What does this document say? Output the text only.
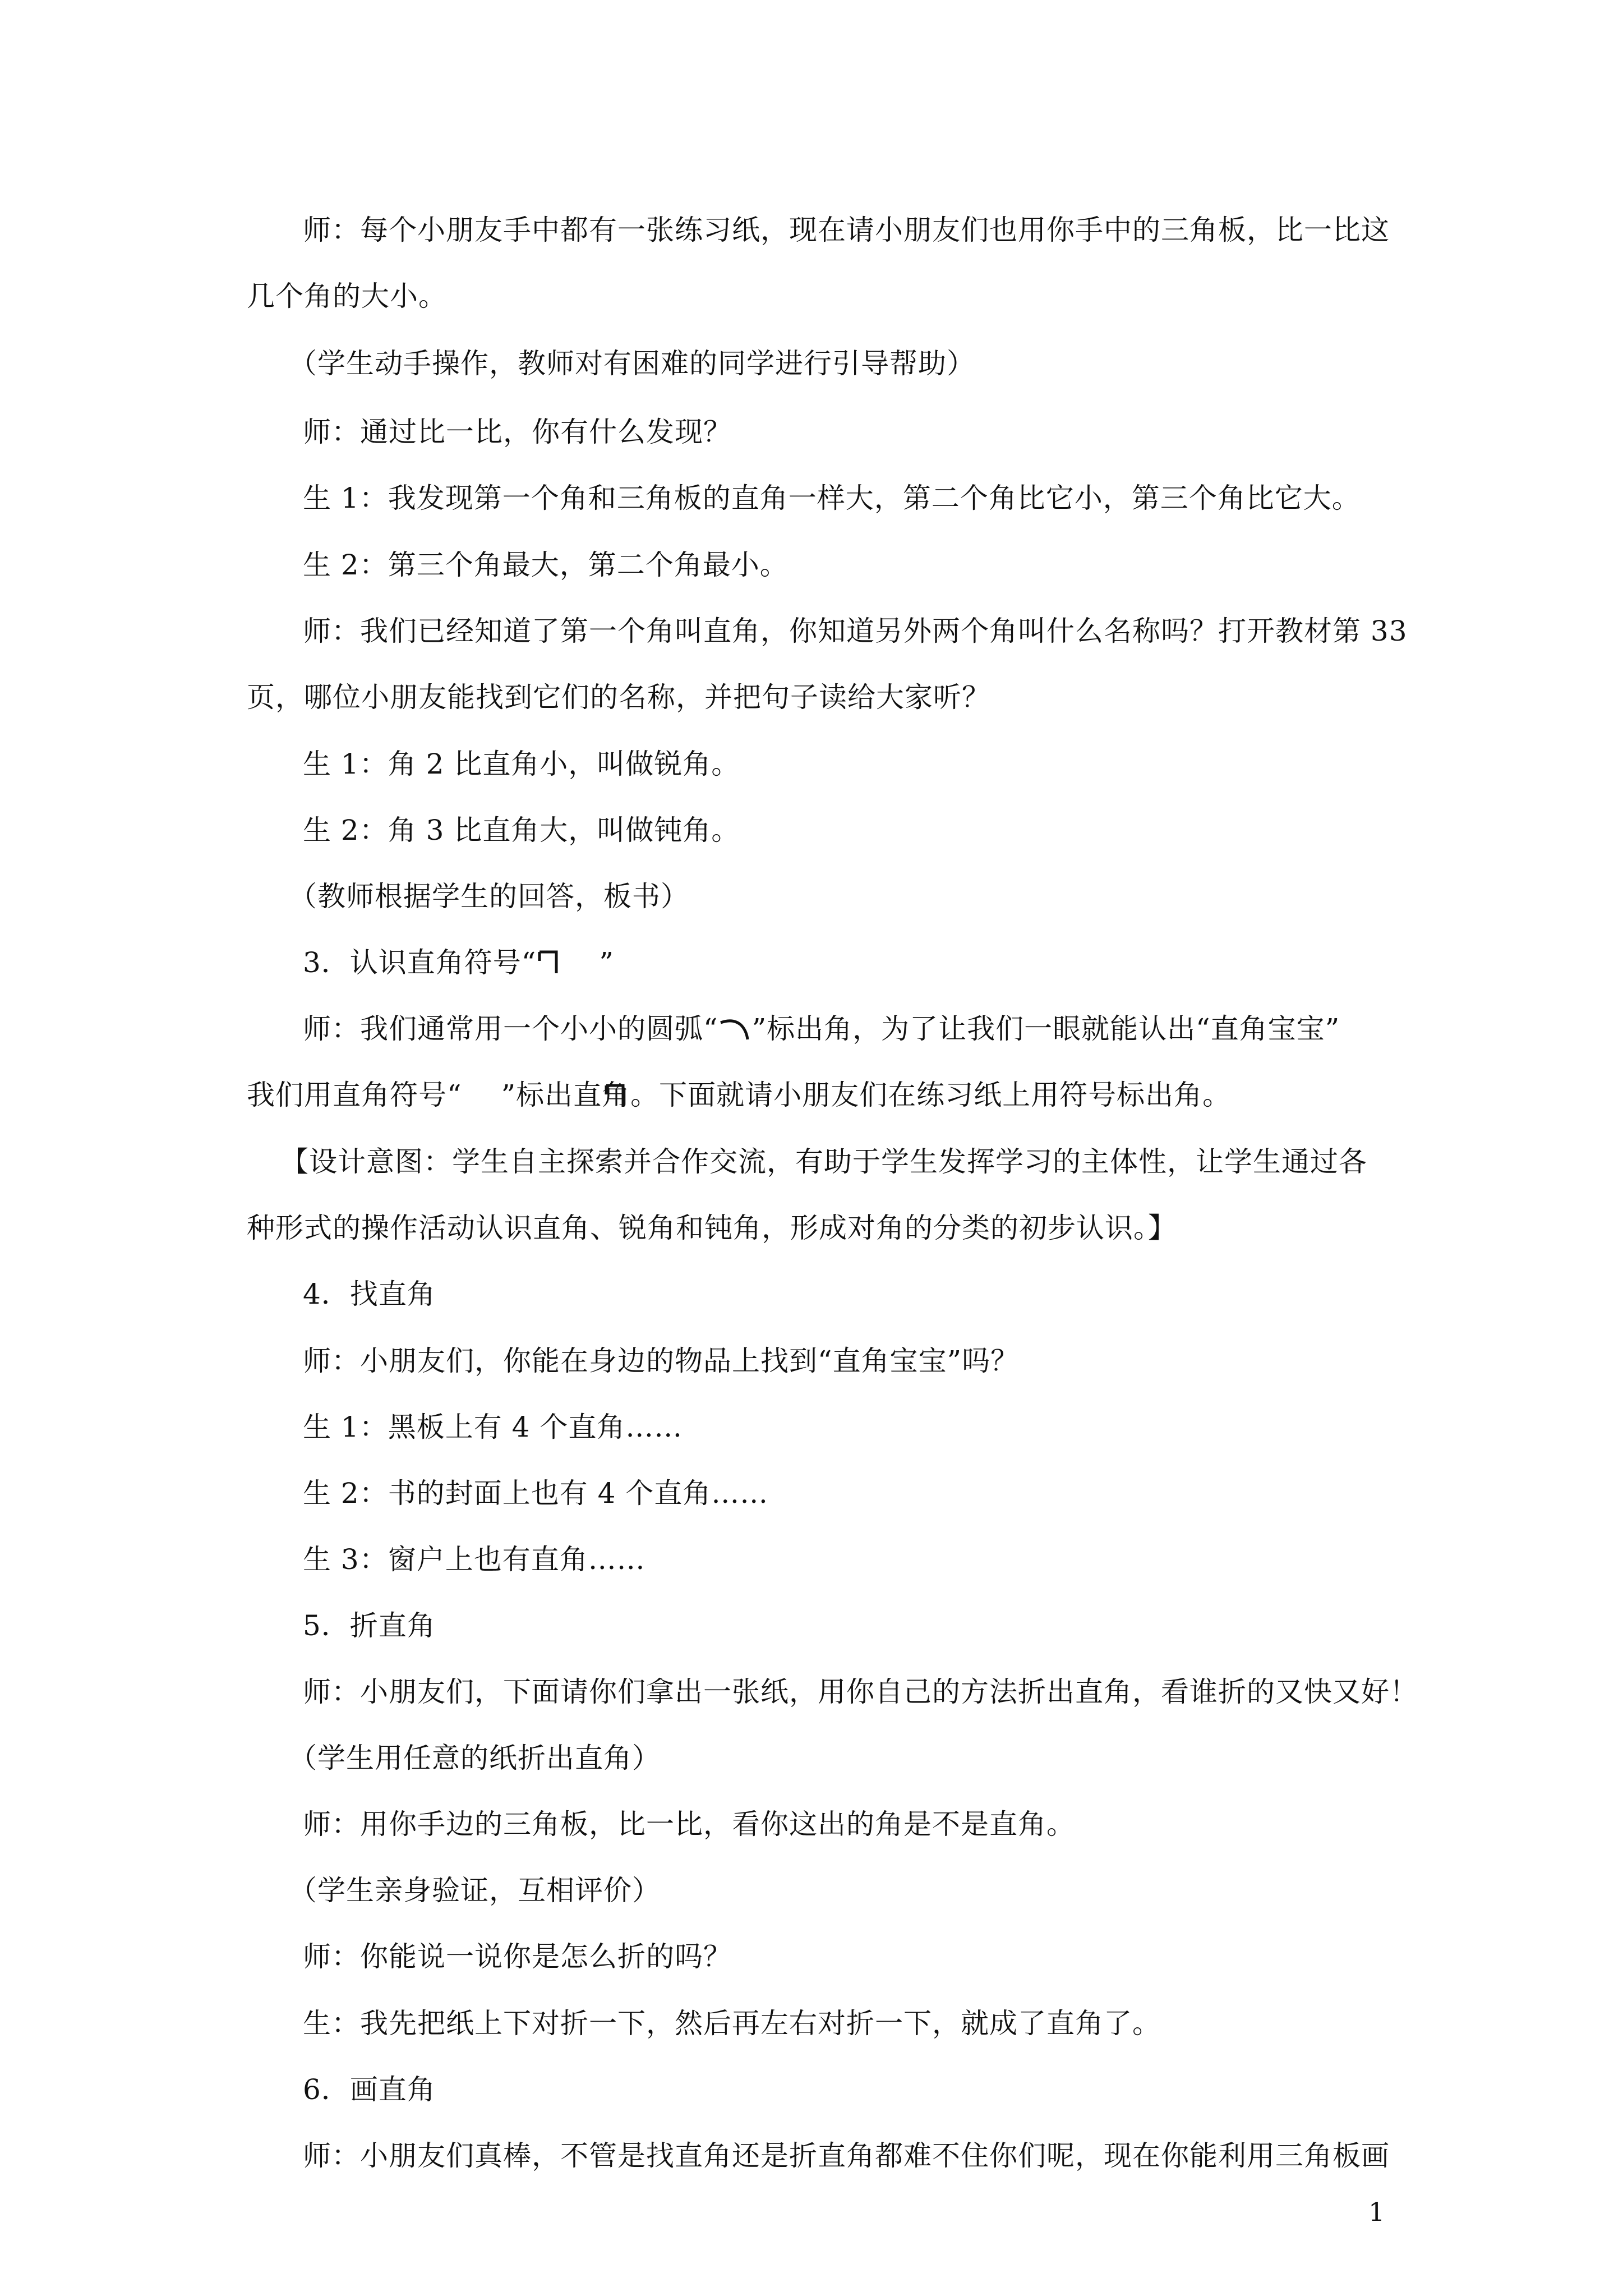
师：每个小朋友手中都有一张练习纸，现在请小朋友们也用你手中的三角板，比一比这
几个角的大小。
（学生动手操作，教师对有困难的同学进行引导帮助）
师：通过比一比，你有什么发现？
生 1：我发现第一个角和三角板的直角一样大，第二个角比它小，第三个角比它大。
生 2：第三个角最大，第二个角最小。
师：我们已经知道了第一个角叫直角，你知道另外两个角叫什么名称吗？打开教材第 33
页，哪位小朋友能找到它们的名称，并把句子读给大家听？
生 1：角 2 比直角小，叫做锐角。
生 2：角 3 比直角大，叫做钝角。
（教师根据学生的回答，板书）
3．认识直角符号“ ”
师：我们通常用一个小小的圆弧“ ”标出角，为了让我们一眼就能认出“直角宝宝”
我们用直角符号“ ”标出直角。下面就请小朋友们在练习纸上用符号标出角。
【设计意图：学生自主探索并合作交流，有助于学生发挥学习的主体性，让学生通过各
种形式的操作活动认识直角、锐角和钝角，形成对角的分类的初步认识。】
4．找直角
师：小朋友们，你能在身边的物品上找到“直角宝宝”吗？
生 1：黑板上有 4 个直角……
生 2：书的封面上也有 4 个直角……
生 3：窗户上也有直角……
5．折直角
师：小朋友们，下面请你们拿出一张纸，用你自己的方法折出直角，看谁折的又快又好！
（学生用任意的纸折出直角）
师：用你手边的三角板，比一比，看你这出的角是不是直角。
（学生亲身验证，互相评价）
师：你能说一说你是怎么折的吗？
生：我先把纸上下对折一下，然后再左右对折一下，就成了直角了。
6．画直角
师：小朋友们真棒，不管是找直角还是折直角都难不住你们呢，现在你能利用三角板画
1
